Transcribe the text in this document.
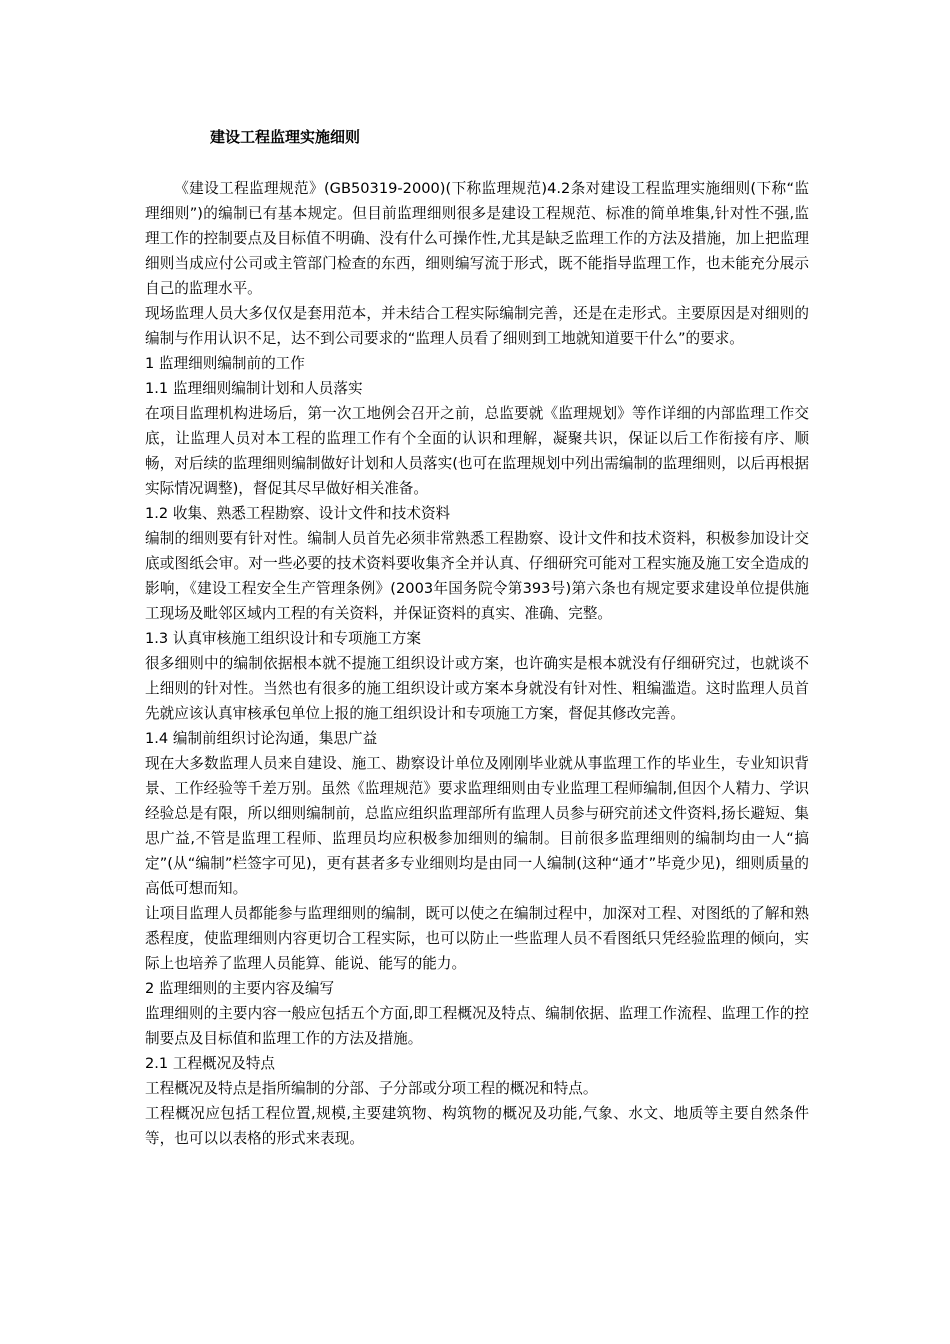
建设工程监理实施细则

《建设工程监理规范》(GB50319-2000)(下称监理规范)4.2条对建设工程监理实施细则(下称“监理细则”)的编制已有基本规定。但目前监理细则很多是建设工程规范、标准的简单堆集,针对性不强,监理工作的控制要点及目标值不明确、没有什么可操作性,尤其是缺乏监理工作的方法及措施，加上把监理细则当成应付公司或主管部门检查的东西，细则编写流于形式，既不能指导监理工作，也未能充分展示自己的监理水平。

现场监理人员大多仅仅是套用范本，并未结合工程实际编制完善，还是在走形式。主要原因是对细则的编制与作用认识不足，达不到公司要求的“监理人员看了细则到工地就知道要干什么”的要求。

1 监理细则编制前的工作

1.1 监理细则编制计划和人员落实

在项目监理机构进场后，第一次工地例会召开之前，总监要就《监理规划》等作详细的内部监理工作交底，让监理人员对本工程的监理工作有个全面的认识和理解，凝聚共识，保证以后工作衔接有序、顺畅，对后续的监理细则编制做好计划和人员落实(也可在监理规划中列出需编制的监理细则，以后再根据实际情况调整)，督促其尽早做好相关准备。

1.2 收集、熟悉工程勘察、设计文件和技术资料

编制的细则要有针对性。编制人员首先必须非常熟悉工程勘察、设计文件和技术资料，积极参加设计交底或图纸会审。对一些必要的技术资料要收集齐全并认真、仔细研究可能对工程实施及施工安全造成的影响，《建设工程安全生产管理条例》(2003年国务院令第393号)第六条也有规定要求建设单位提供施工现场及毗邻区域内工程的有关资料，并保证资料的真实、准确、完整。

1.3 认真审核施工组织设计和专项施工方案

很多细则中的编制依据根本就不提施工组织设计或方案，也许确实是根本就没有仔细研究过，也就谈不上细则的针对性。当然也有很多的施工组织设计或方案本身就没有针对性、粗编滥造。这时监理人员首先就应该认真审核承包单位上报的施工组织设计和专项施工方案，督促其修改完善。

1.4 编制前组织讨论沟通，集思广益

现在大多数监理人员来自建设、施工、勘察设计单位及刚刚毕业就从事监理工作的毕业生，专业知识背景、工作经验等千差万别。虽然《监理规范》要求监理细则由专业监理工程师编制,但因个人精力、学识经验总是有限，所以细则编制前，总监应组织监理部所有监理人员参与研究前述文件资料,扬长避短、集思广益,不管是监理工程师、监理员均应积极参加细则的编制。目前很多监理细则的编制均由一人“搞定”(从“编制”栏签字可见)，更有甚者多专业细则均是由同一人编制(这种“通才”毕竟少见)，细则质量的高低可想而知。

让项目监理人员都能参与监理细则的编制，既可以使之在编制过程中，加深对工程、对图纸的了解和熟悉程度，使监理细则内容更切合工程实际，也可以防止一些监理人员不看图纸只凭经验监理的倾向，实际上也培养了监理人员能算、能说、能写的能力。

2 监理细则的主要内容及编写

监理细则的主要内容一般应包括五个方面,即工程概况及特点、编制依据、监理工作流程、监理工作的控制要点及目标值和监理工作的方法及措施。

2.1 工程概况及特点

工程概况及特点是指所编制的分部、子分部或分项工程的概况和特点。

工程概况应包括工程位置,规模,主要建筑物、构筑物的概况及功能,气象、水文、地质等主要自然条件等，也可以以表格的形式来表现。
